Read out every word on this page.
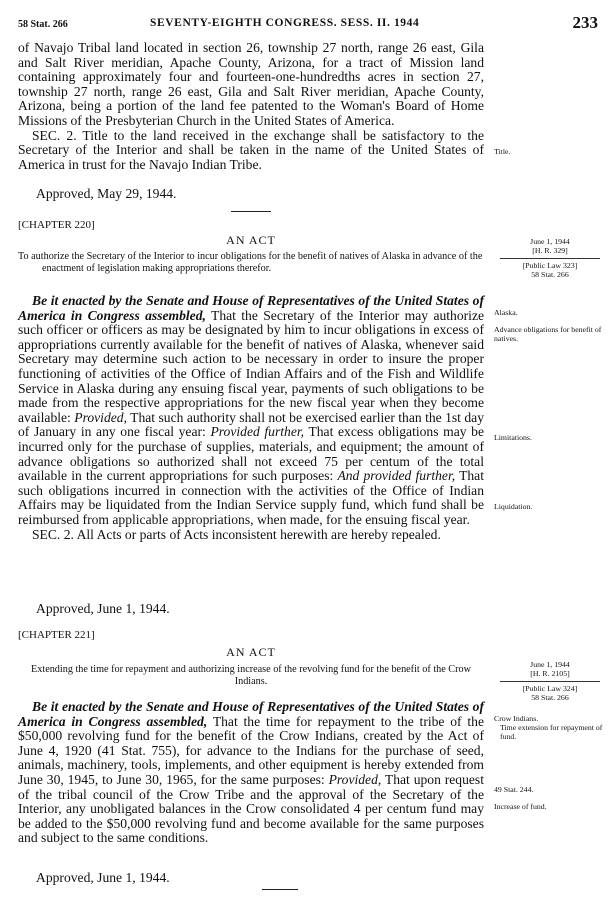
58 Stat. 266	SEVENTY-EIGHTH CONGRESS. SESS. II. 1944	233

of Navajo Tribal land located in section 26, township 27 north, range 26 east, Gila and Salt River meridian, Apache County, Arizona, for a tract of Mission land containing approximately four and fourteen-one-hundredths acres in section 27, township 27 north, range 26 east, Gila and Salt River meridian, Apache County, Arizona, being a portion of the land fee patented to the Woman's Board of Home Missions of the Presbyterian Church in the United States of America.

SEC. 2. Title to the land received in the exchange shall be satisfactory to the Secretary of the Interior and shall be taken in the name of the United States of America in trust for the Navajo Indian Tribe.

Approved, May 29, 1944.
Title.
[CHAPTER 220]
AN ACT
To authorize the Secretary of the Interior to incur obligations for the benefit of natives of Alaska in advance of the enactment of legislation making appropriations therefor.
June 1, 1944
[H. R. 329]
[Public Law 323]
58 Stat. 266

Be it enacted by the Senate and House of Representatives of the United States of America in Congress assembled, That the Secretary of the Interior may authorize such officer or officers as may be designated by him to incur obligations in excess of appropriations currently available for the benefit of natives of Alaska, whenever said Secretary may determine such action to be necessary in order to insure the proper functioning of activities of the Office of Indian Affairs and of the Fish and Wildlife Service in Alaska during any ensuing fiscal year, payments of such obligations to be made from the respective appropriations for the new fiscal year when they become available: Provided, That such authority shall not be exercised earlier than the 1st day of January in any one fiscal year: Provided further, That excess obligations may be incurred only for the purchase of supplies, materials, and equipment; the amount of advance obligations so authorized shall not exceed 75 per centum of the total available in the current appropriations for such purposes: And provided further, That such obligations incurred in connection with the activities of the Office of Indian Affairs may be liquidated from the Indian Service supply fund, which fund shall be reimbursed from applicable appropriations, when made, for the ensuing fiscal year.

SEC. 2. All Acts or parts of Acts inconsistent herewith are hereby repealed.

Approved, June 1, 1944.
Alaska.
Advance obligations for benefit of natives.
Limitations.
Liquidation.
[CHAPTER 221]
AN ACT
Extending the time for repayment and authorizing increase of the revolving fund for the benefit of the Crow Indians.
June 1, 1944
[H. R. 2105]
[Public Law 324]
58 Stat. 266

Be it enacted by the Senate and House of Representatives of the United States of America in Congress assembled, That the time for repayment to the tribe of the $50,000 revolving fund for the benefit of the Crow Indians, created by the Act of June 4, 1920 (41 Stat. 755), for advance to the Indians for the purchase of seed, animals, machinery, tools, implements, and other equipment is hereby extended from June 30, 1945, to June 30, 1965, for the same purposes: Provided, That upon request of the tribal council of the Crow Tribe and the approval of the Secretary of the Interior, any unobligated balances in the Crow consolidated 4 per centum fund may be added to the $50,000 revolving fund and become available for the same purposes and subject to the same conditions.

Approved, June 1, 1944.
Crow Indians.
Time extension for repayment of fund.
49 Stat. 244.
Increase of fund.
